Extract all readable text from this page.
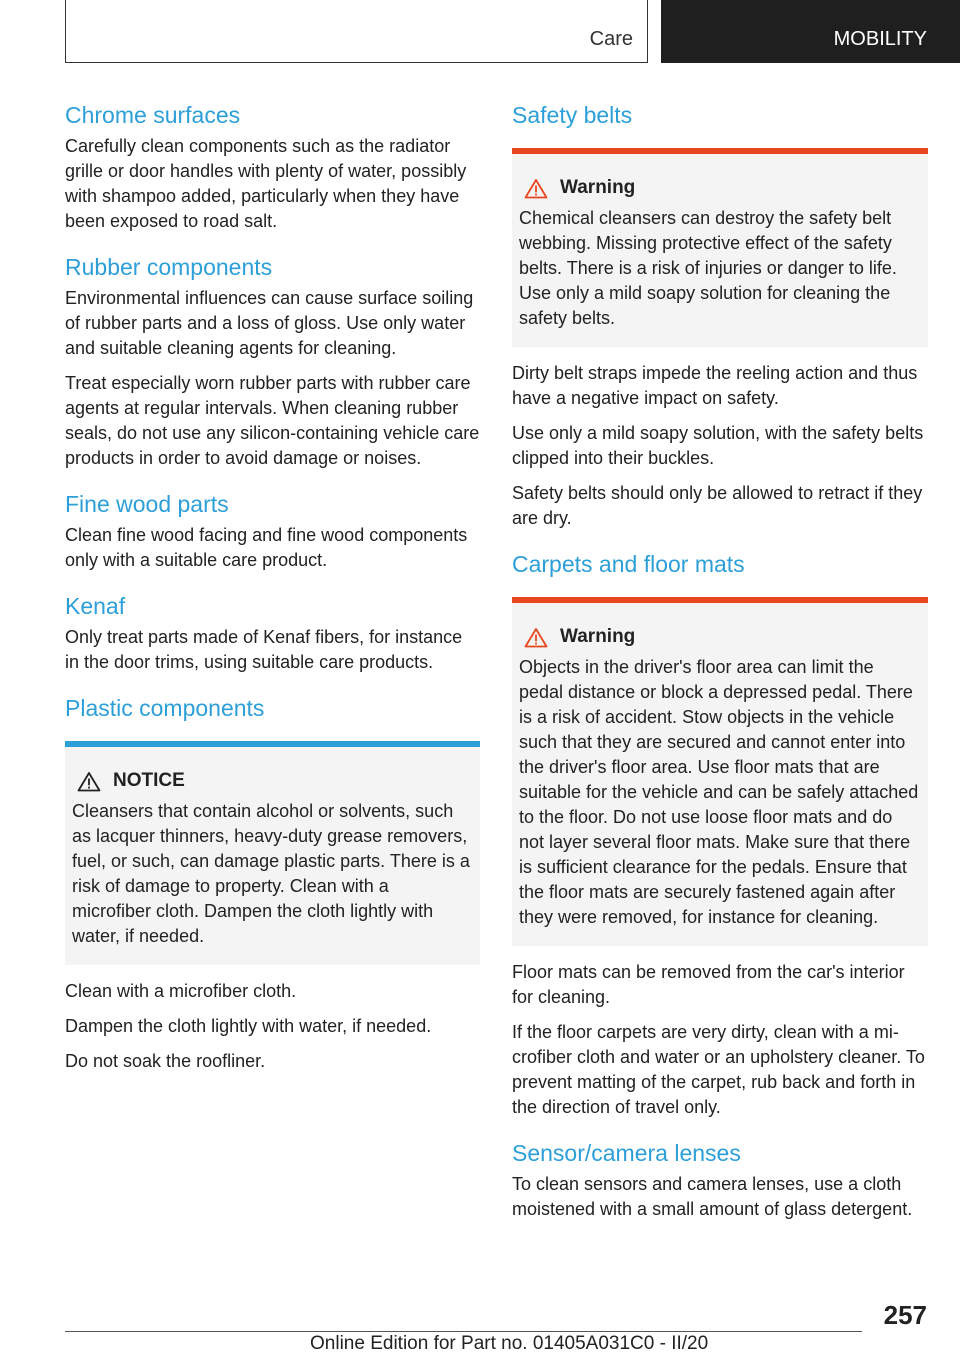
Care	MOBILITY
Chrome surfaces

Carefully clean components such as the radiator grille or door handles with plenty of water, possibly with shampoo added, particularly when they have been exposed to road salt.

Rubber components

Environmental influences can cause surface soiling of rubber parts and a loss of gloss. Use only water and suitable cleaning agents for cleaning.

Treat especially worn rubber parts with rubber care agents at regular intervals. When cleaning rubber seals, do not use any silicon-containing vehicle care products in order to avoid damage or noises.

Fine wood parts

Clean fine wood facing and fine wood components only with a suitable care product.

Kenaf

Only treat parts made of Kenaf fibers, for instance in the door trims, using suitable care products.

Plastic components
NOTICE

Cleansers that contain alcohol or solvents, such as lacquer thinners, heavy-duty grease removers, fuel, or such, can damage plastic parts. There is a risk of damage to property. Clean with a microfiber cloth. Dampen the cloth lightly with water, if needed.

Clean with a microfiber cloth.

Dampen the cloth lightly with water, if needed.

Do not soak the roofliner.

Safety belts
Warning

Chemical cleansers can destroy the safety belt webbing. Missing protective effect of the safety belts. There is a risk of injuries or danger to life. Use only a mild soapy solution for cleaning the safety belts.

Dirty belt straps impede the reeling action and thus have a negative impact on safety.

Use only a mild soapy solution, with the safety belts clipped into their buckles.

Safety belts should only be allowed to retract if they are dry.

Carpets and floor mats
Warning

Objects in the driver's floor area can limit the pedal distance or block a depressed pedal. There is a risk of accident. Stow objects in the vehicle such that they are secured and cannot enter into the driver's floor area. Use floor mats that are suitable for the vehicle and can be safely attached to the floor. Do not use loose floor mats and do not layer several floor mats. Make sure that there is sufficient clearance for the pedals. Ensure that the floor mats are securely fastened again after they were removed, for instance for cleaning.

Floor mats can be removed from the car's interior for cleaning.

If the floor carpets are very dirty, clean with a microfiber cloth and water or an upholstery cleaner. To prevent matting of the carpet, rub back and forth in the direction of travel only.

Sensor/camera lenses

To clean sensors and camera lenses, use a cloth moistened with a small amount of glass detergent.

257
Online Edition for Part no. 01405A031C0 - II/20
